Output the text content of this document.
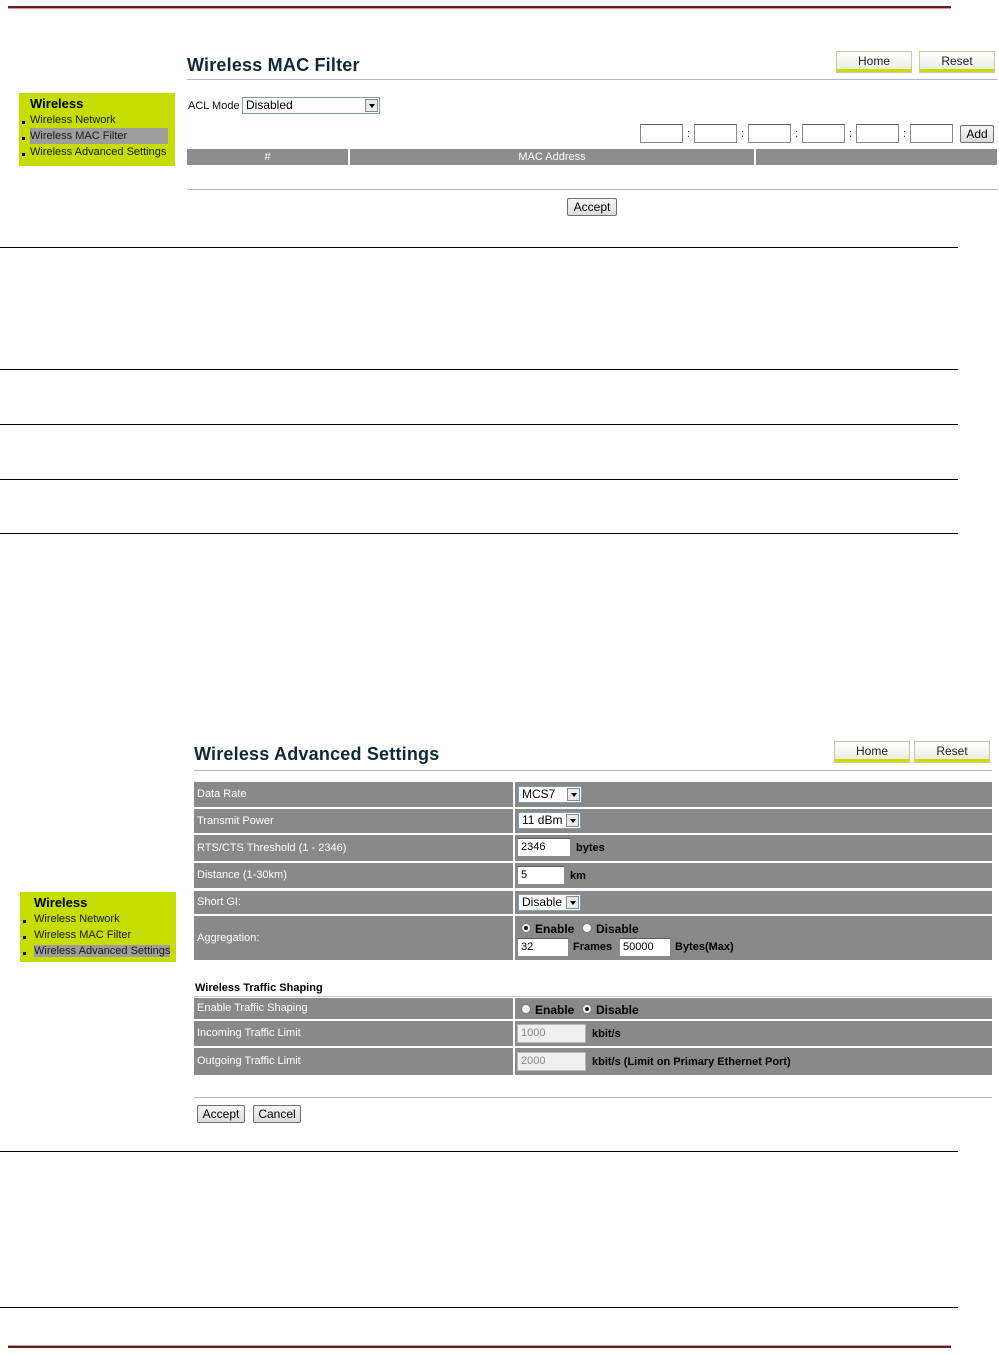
Wireless
Wireless Network
Wireless MAC Filter
Wireless Advanced Settings
Wireless MAC Filter	Home	Reset
ACL Mode Disabled
:	:	:	:	:	Add
#	MAC Address
Accept
Wireless
Wireless Network
Wireless MAC Filter
Wireless Advanced Settings
Wireless Advanced Settings	Home	Reset
Data Rate	MCS7
Transmit Power	11 dBm
RTS/CTS Threshold (1 - 2346)	2346	bytes
Distance (1-30km)	5	km
Short GI:	Disable
Aggregation:
Enable Disable
32	Frames 50000	Bytes(Max)
Wireless Traffic Shaping
Enable Traffic Shaping	Enable Disable
Incoming Traffic Limit	1000	kbit/s
Outgoing Traffic Limit	2000	kbit/s (Limit on Primary Ethernet Port)
Accept	Cancel
